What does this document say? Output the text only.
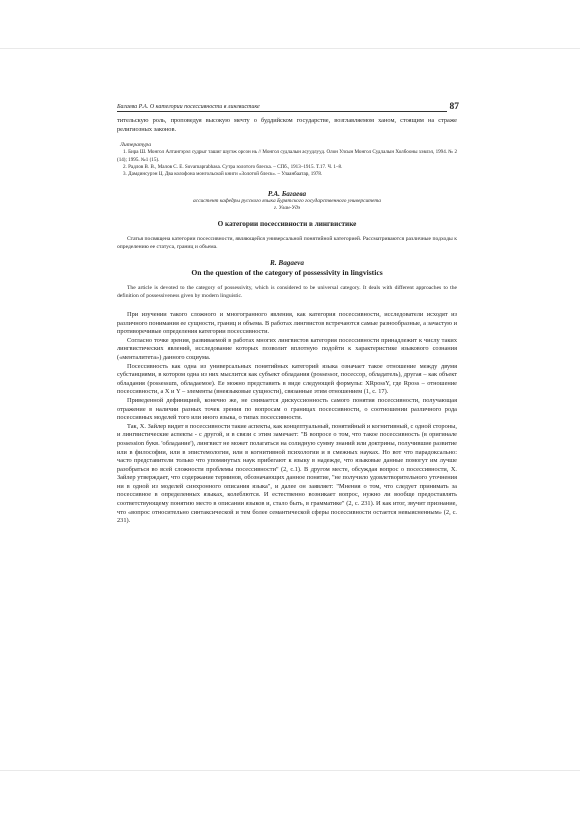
Багаева Р.А. О категории посессивности в лингвистике	87

тительскую роль, проповедуя высокую мечту о буддийском государстве, возглавляемом ханом, стоящим на страже религиозных законов.

Литература
1. Бира Ш. Монгол Алтангэрэл судрыг ташиг шүгэж орсон нь // Монгол судлалын асуудлууд. Олон Улсын Монгол Судлалын Холбооны хэвлэл, 1994. № 2 (14); 1995. №1 (15).
2. Радлов В. В., Малов С. Е. Suvarnaprabhasa. Сутра золотого блеска. – СПб., 1913–1915. Т.17. Ч. 1–8.
3. Дамдинсурэн Ц. Два колофона монгольской книги «Золотой блеск». – Улаанбаатар, 1978.
Р.А. Багаева
ассистент кафедры русского языка Бурятского государственного университета
г. Улан-Удэ
О категории посессивности в лингвистике

Статья посвящена категории посессивности, являющейся универсальной понятийной категорией. Рассматриваются различные подходы к определению ее статуса, границ и объема.

R. Bagaeva
On the question of the category of possessivity in lingvistics

The article is devoted to the category of possessivity, which is considered to be universal category. It deals with different approaches to the definition of possessiveness given by modern linguistic.

При изучении такого сложного и многогранного явления, как категория посессивности, исследователи исходят из различного понимания ее сущности, границ и объема. В работах лингвистов встречаются самые разнообразные, а зачастую и противоречивые определения категории посессивности.

Согласно точке зрения, развиваемой в работах многих лингвистов категория посессивности принадлежит к числу таких лингвистических явлений, исследование которых позволит вплотную подойти к характеристике языкового сознания («менталитета») данного социума.

Посессивность как одна из универсальных понятийных категорий языка означает такое отношение между двумя субстанциями, в котором одна из них мыслится как субъект обладания (possessor, посессор, обладатель), другая – как объект обладания (possessum, обладаемое). Ее можно представить в виде следующей формулы: XRpossY, где Rposs – отношение посессивности, а X и Y – элементы (внеязыковые сущности), связанные этим отношением (1, с. 17).

Приведенной дефиницией, конечно же, не снимается дискуссионность самого понятия посессивности, получающая отражение в наличии разных точек зрения по вопросам о границах посессивности, о соотношении различного рода посессивных моделей того или иного языка, о типах посессивности.

Так, Х. Зайлер видит в посессивности такие аспекты, как концептуальный, понятийный и когнитивный, с одной стороны, и лингвистические аспекты - с другой, и в связи с этим замечает: "В вопросе о том, что такое посессивность (в оригинале possession букв. 'обладание'), лингвист не может полагаться на солидную сумму знаний или доктрины, получившие развитие или в философии, или в эпистемологии, или в когнитивной психологии и в смежных науках. Но вот что парадоксально: часто представители только что упомянутых наук прибегают к языку в надежде, что языковые данные помогут им лучше разобраться во всей сложности проблемы посессивности" (2, с.1). В другом месте, обсуждая вопрос о посессивности, Х. Зайлер утверждает, что содержание терминов, обозначающих данное понятие, "не получило удовлетворительного уточнения ни в одной из моделей синхронного описания языка", и далее он заявляет: "Мнения о том, что следует принимать за посессивное в определенных языках, колеблются. И естественно возникает вопрос, нужно ли вообще предоставлять соответствующему понятию место в описании языков и, стало быть, в грамматике" (2, с. 231). И как итог, звучит признание, что «вопрос относительно синтаксической и тем более семантической сферы посессивности остается невыясненным» (2, с. 231).
